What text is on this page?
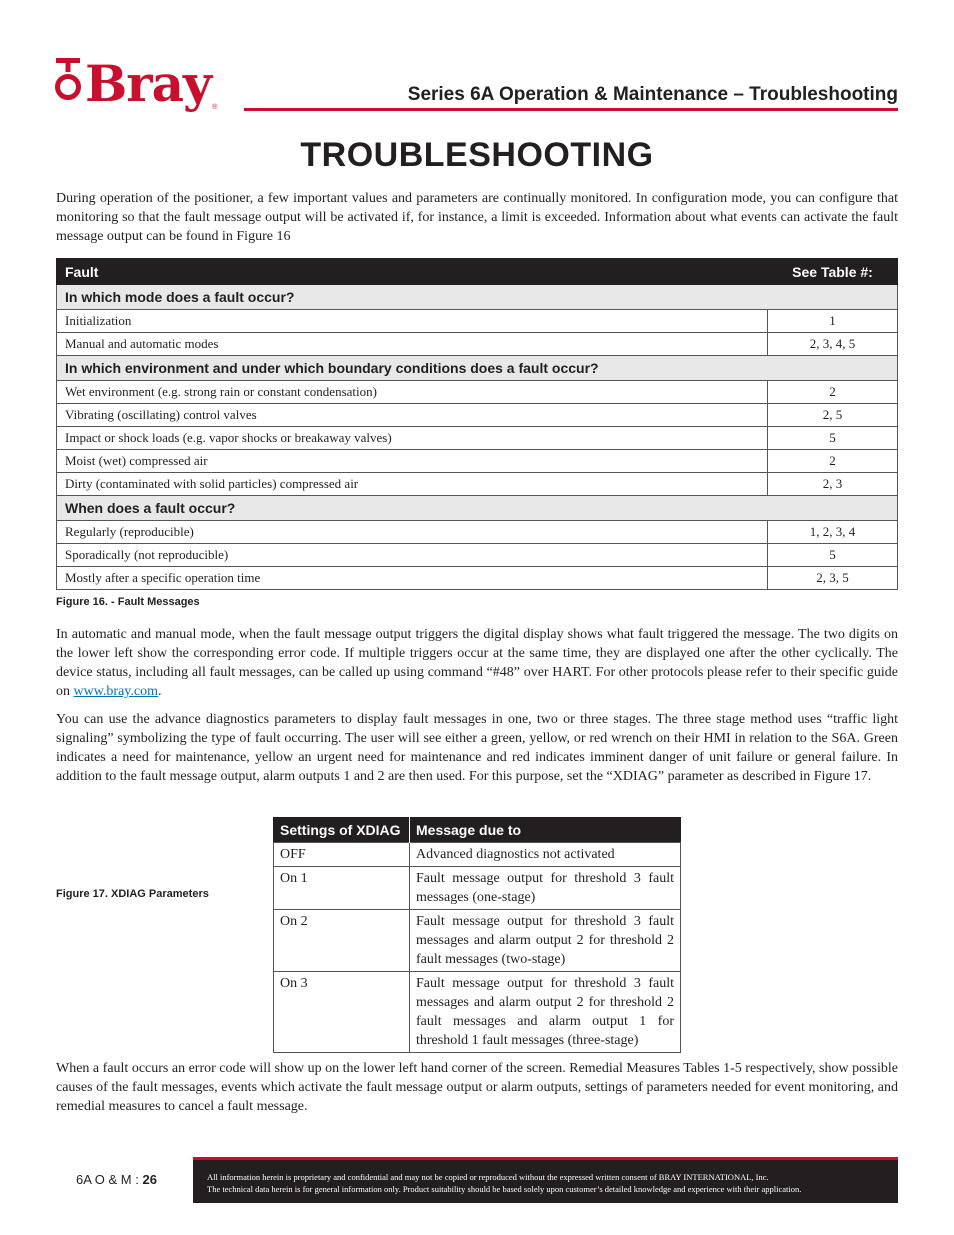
Bray ®
Series 6A Operation & Maintenance – Troubleshooting
TROUBLESHOOTING

During operation of the positioner, a few important values and parameters are continually monitored. In configuration mode, you can configure that monitoring so that the fault message output will be activated if, for instance, a limit is exceeded. Information about what events can activate the fault message output can be found in Figure 16

Fault	See Table #:
In which mode does a fault occur?	
Initialization	1
Manual and automatic modes	2, 3, 4, 5
In which environment and under which boundary conditions does a fault occur?	
Wet environment (e.g. strong rain or constant condensation)	2
Vibrating (oscillating) control valves	2, 5
Impact or shock loads (e.g. vapor shocks or breakaway valves)	5
Moist (wet) compressed air	2
Dirty (contaminated with solid particles) compressed air	2, 3
When does a fault occur?	
Regularly (reproducible)	1, 2, 3, 4
Sporadically (not reproducible)	5
Mostly after a specific operation time	2, 3, 5
Figure 16. - Fault Messages

In automatic and manual mode, when the fault message output triggers the digital display shows what fault triggered the message. The two digits on the lower left show the corresponding error code. If multiple triggers occur at the same time, they are displayed one after the other cyclically. The device status, including all fault messages, can be called up using command “#48” over HART. For other protocols please refer to their specific guide on www.bray.com.

You can use the advance diagnostics parameters to display fault messages in one, two or three stages. The three stage method uses “traffic light signaling” symbolizing the type of fault occurring. The user will see either a green, yellow, or red wrench on their HMI in relation to the S6A. Green indicates a need for maintenance, yellow an urgent need for maintenance and red indicates imminent danger of unit failure or general failure. In addition to the fault message output, alarm outputs 1 and 2 are then used. For this purpose, set the “XDIAG” parameter as described in Figure 17.

Figure 17. XDIAG Parameters
Settings of XDIAG	Message due to
OFF	Advanced diagnostics not activated
On 1	Fault message output for threshold 3 fault messages (one-stage)
On 2	Fault message output for threshold 3 fault messages and alarm output 2 for threshold 2 fault messages (two-stage)
On 3	Fault message output for threshold 3 fault messages and alarm output 2 for threshold 2 fault messages and alarm output 1 for threshold 1 fault messages (three-stage)

When a fault occurs an error code will show up on the lower left hand corner of the screen. Remedial Measures Tables 1-5 respectively, show possible causes of the fault messages, events which activate the fault message output or alarm outputs, settings of parameters needed for event monitoring, and remedial measures to cancel a fault message.

6A O & M : 26	All information herein is proprietary and confidential and may not be copied or reproduced without the expressed written consent of BRAY INTERNATIONAL, Inc.
The technical data herein is for general information only. Product suitability should be based solely upon customer’s detailed knowledge and experience with their application.
